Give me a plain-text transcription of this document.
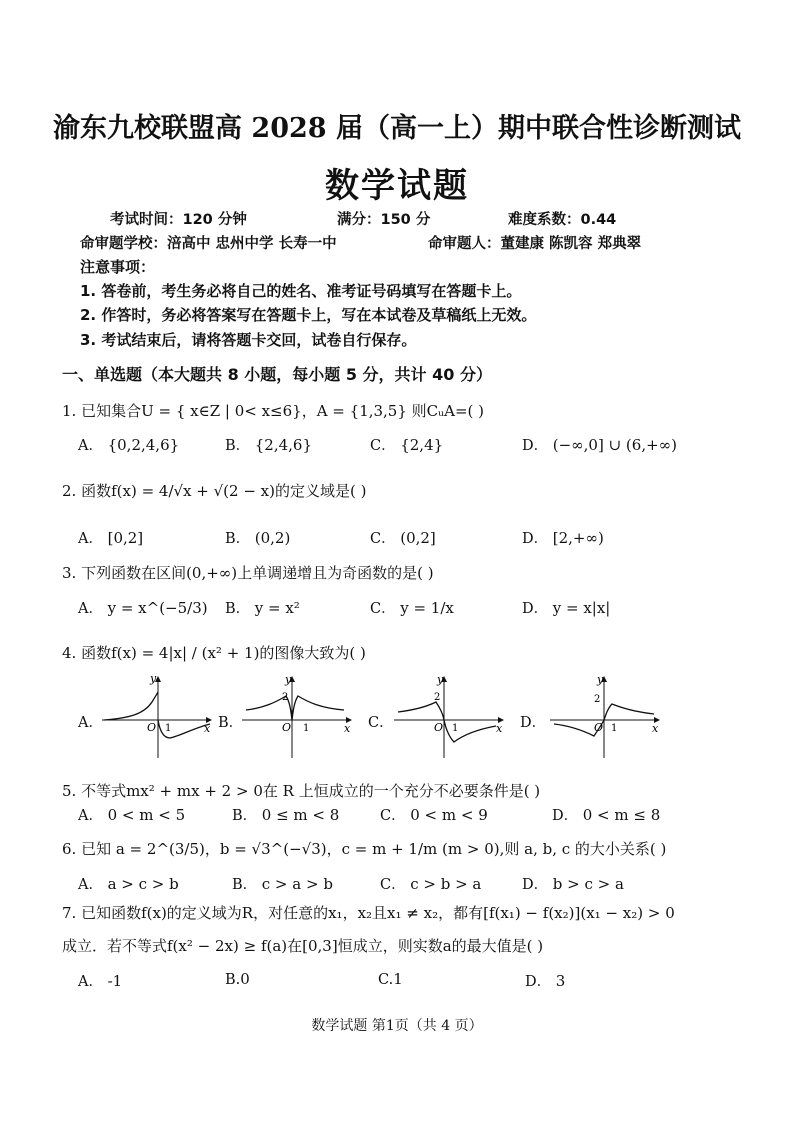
渝东九校联盟高 2028 届（高一上）期中联合性诊断测试
数学试题
考试时间：120 分钟	满分：150 分	难度系数：0.44
命审题学校：涪高中 忠州中学 长寿一中	命审题人：董建康 陈凯容 郑典翠
注意事项：
1. 答卷前，考生务必将自己的姓名、准考证号码填写在答题卡上。
2. 作答时，务必将答案写在答题卡上，写在本试卷及草稿纸上无效。
3. 考试结束后，请将答题卡交回，试卷自行保存。
一、单选题（本大题共 8 小题，每小题 5 分，共计 40 分）
1. 已知集合U = { x∈Z | 0< x≤6}，A = {1,3,5} 则CᵤA=( )
A． {0,2,4,6}	B． {2,4,6}	C． {2,4}	D． (−∞,0] ∪ (6,+∞)
2. 函数f(x) = 4/√x + √(2 − x)的定义域是( )
A． [0,2]	B． (0,2)	C． (0,2]	D． [2,+∞)
3. 下列函数在区间(0,+∞)上单调递增且为奇函数的是( )
A． y = x^(−5/3) B． y = x²	C． y = 1/x	D． y = x|x|
4. 函数f(x) = 4|x| / (x² + 1)的图像大致为( )
A．	B．	C．	D．
y
x
O 1
y
2
x
O 1
y
2
x
O 1
y
2
x
O 1
5. 不等式mx² + mx + 2 > 0在 R 上恒成立的一个充分不必要条件是( )
A． 0 < m < 5	B． 0 ≤ m < 8	C． 0 < m < 9	D． 0 < m ≤ 8
6. 已知 a = 2^(3/5)，b = √3^(−√3)，c = m + 1/m (m > 0),则 a, b, c 的大小关系( )
A． a > c > b	B． c > a > b	C． c > b > a	D． b > c > a
7. 已知函数f(x)的定义域为R，对任意的x₁，x₂且x₁ ≠ x₂，都有[f(x₁) − f(x₂)](x₁ − x₂) > 0
成立．若不等式f(x² − 2x) ≥ f(a)在[0,3]恒成立，则实数a的最大值是( )
A． -1	B.0	C.1	D． 3
数学试题 第1页（共 4 页）
